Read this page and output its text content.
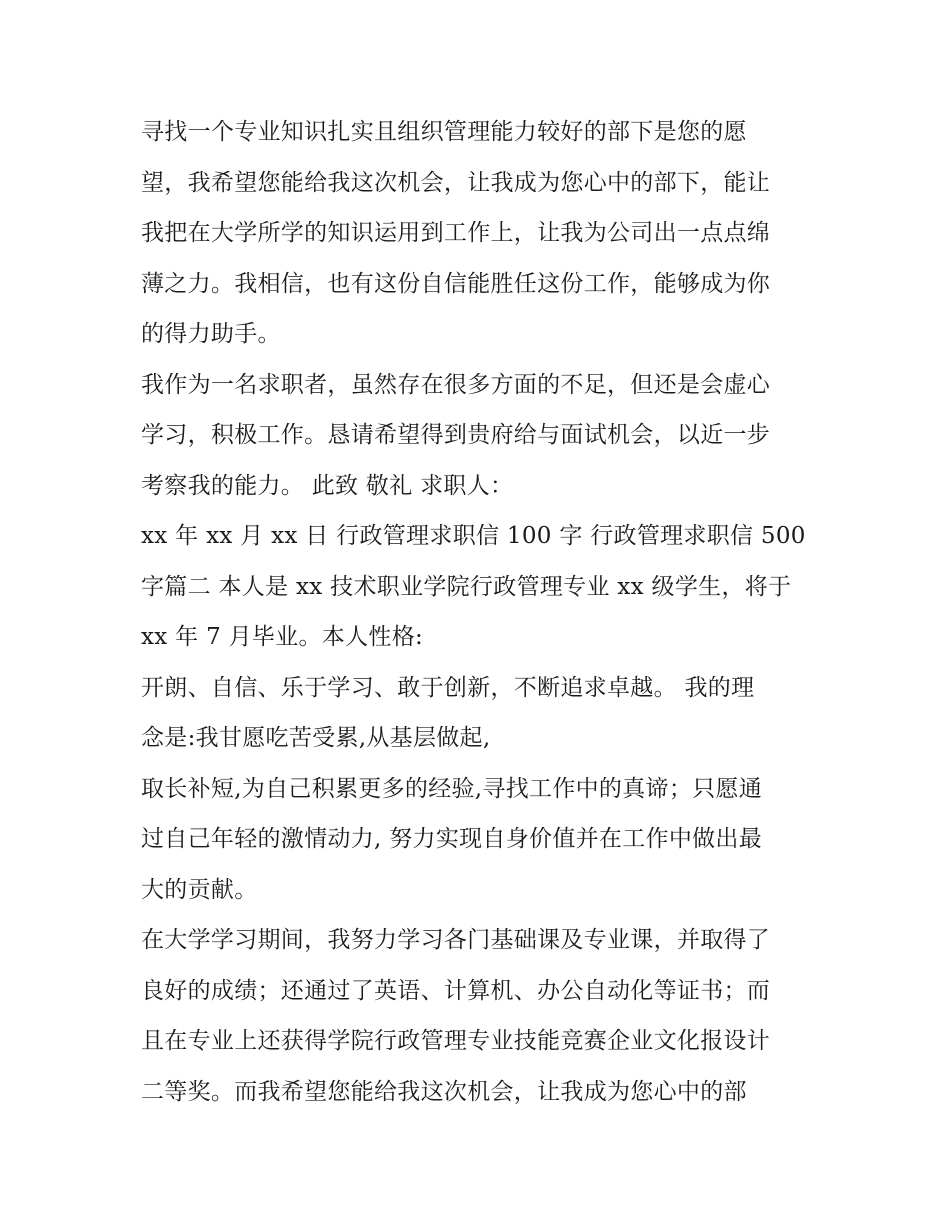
寻找一个专业知识扎实且组织管理能力较好的部下是您的愿
望，我希望您能给我这次机会，让我成为您心中的部下，能让
我把在大学所学的知识运用到工作上，让我为公司出一点点绵
薄之力。我相信，也有这份自信能胜任这份工作，能够成为你
的得力助手。

我作为一名求职者，虽然存在很多方面的不足，但还是会虚心
学习，积极工作。恳请希望得到贵府给与面试机会，以近一步
考察我的能力。 此致 敬礼 求职人：

xx 年 xx 月 xx 日 行政管理求职信 100 字 行政管理求职信 500
字篇二 本人是 xx 技术职业学院行政管理专业 xx 级学生，将于
xx 年 7 月毕业。本人性格:

开朗、自信、乐于学习、敢于创新，不断追求卓越。 我的理
念是:我甘愿吃苦受累,从基层做起,

取长补短,为自己积累更多的经验,寻找工作中的真谛；只愿通
过自己年轻的激情动力, 努力实现自身价值并在工作中做出最
大的贡献。

在大学学习期间，我努力学习各门基础课及专业课，并取得了
良好的成绩；还通过了英语、计算机、办公自动化等证书；而
且在专业上还获得学院行政管理专业技能竞赛企业文化报设计
二等奖。而我希望您能给我这次机会，让我成为您心中的部
